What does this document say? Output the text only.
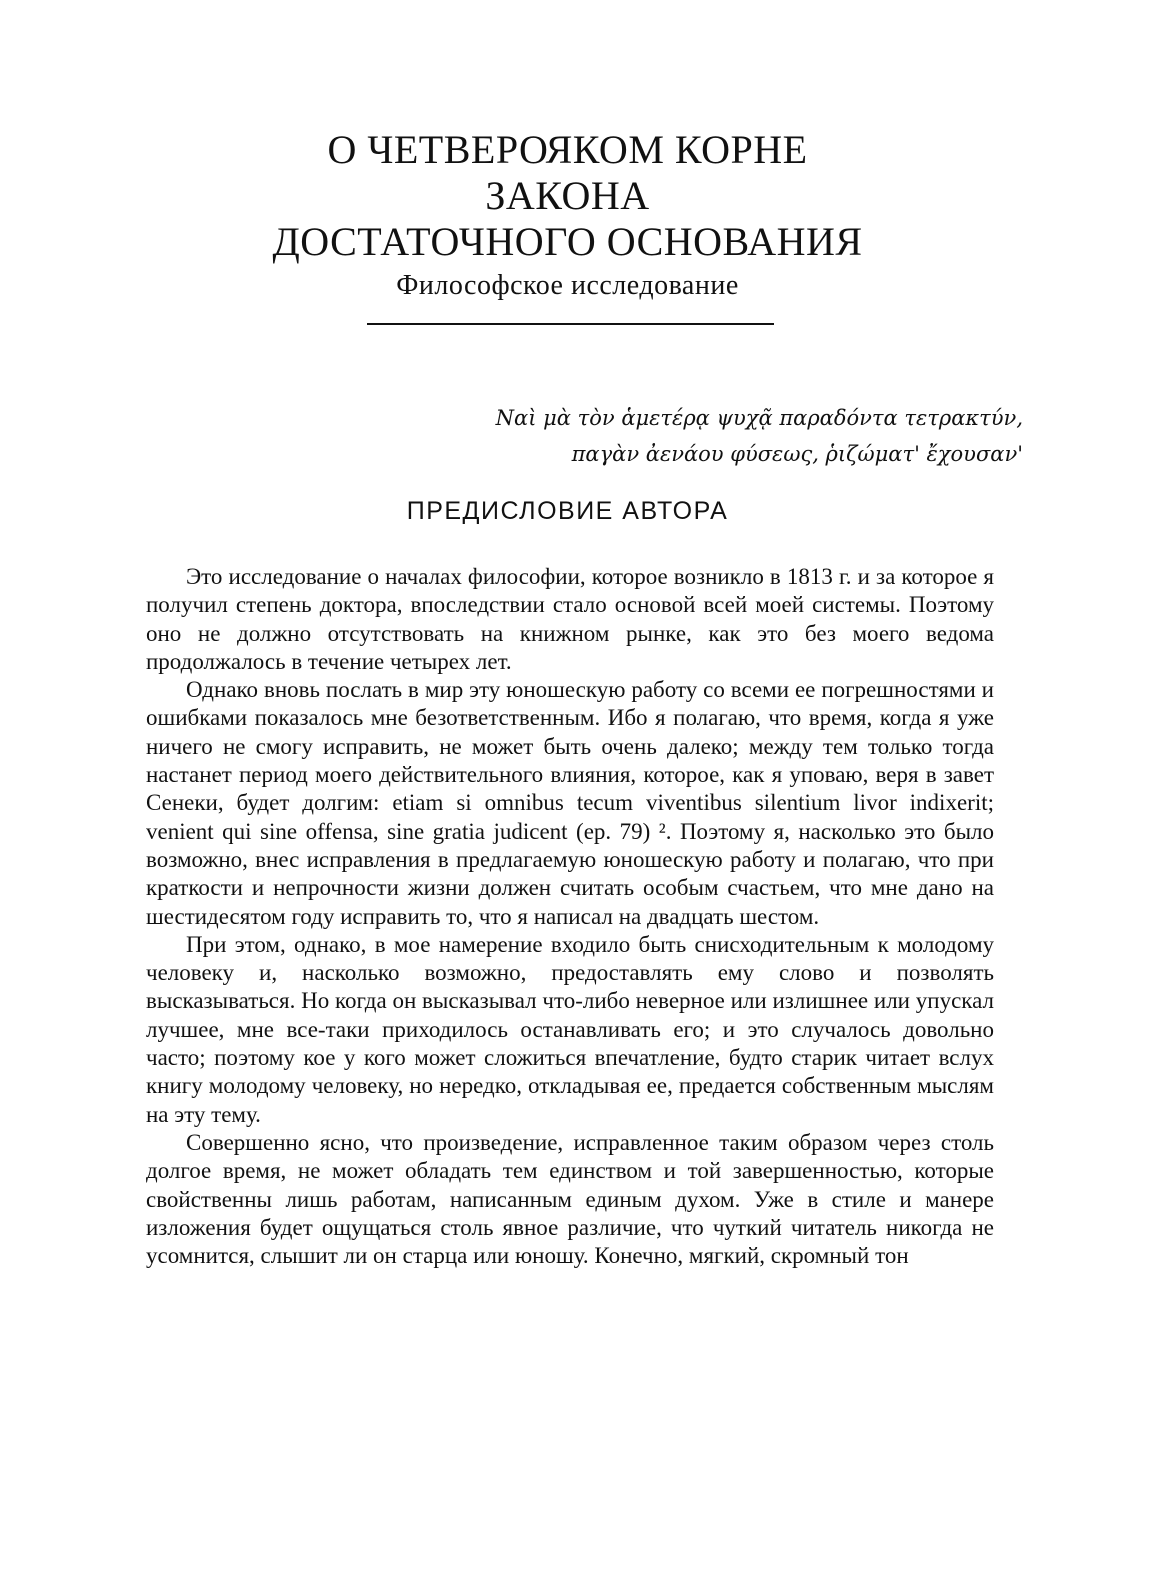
О ЧЕТВЕРОЯКОМ КОРНЕ
ЗАКОНА
ДОСТАТОЧНОГО ОСНОВАНИЯ
Философское исследование
Ναὶ μὰ τὸν ἁμετέρᾳ ψυχᾷ παραδόντα τετρακτύν,
παγὰν ἀενάου φύσεως, ῥιζώματ' ἔχουσαν'
ПРЕДИСЛОВИЕ АВТОРА

Это исследование о началах философии, которое возникло в 1813 г. и за которое я получил степень доктора, впоследствии стало основой всей моей системы. Поэтому оно не должно отсутствовать на книжном рынке, как это без моего ведома продолжалось в течение четырех лет.

Однако вновь послать в мир эту юношескую работу со всеми ее погрешностями и ошибками показалось мне безответственным. Ибо я полагаю, что время, когда я уже ничего не смогу исправить, не может быть очень далеко; между тем только тогда настанет период моего действительного влияния, которое, как я уповаю, веря в завет Сенеки, будет долгим: etiam si omnibus tecum viventibus silentium livor indixerit; venient qui sine offensa, sine gratia judicent (ep. 79) ². Поэтому я, насколько это было возможно, внес исправления в предлагаемую юношескую работу и полагаю, что при краткости и непрочности жизни должен считать особым счастьем, что мне дано на шестидесятом году исправить то, что я написал на двадцать шестом.

При этом, однако, в мое намерение входило быть снисходительным к молодому человеку и, насколько возможно, предоставлять ему слово и позволять высказываться. Но когда он высказывал что-либо неверное или излишнее или упускал лучшее, мне все-таки приходилось останавливать его; и это случалось довольно часто; поэтому кое у кого может сложиться впечатление, будто старик читает вслух книгу молодому человеку, но нередко, откладывая ее, предается собственным мыслям на эту тему.

Совершенно ясно, что произведение, исправленное таким образом через столь долгое время, не может обладать тем единством и той завершенностью, которые свойственны лишь работам, написанным единым духом. Уже в стиле и манере изложения будет ощущаться столь явное различие, что чуткий читатель никогда не усомнится, слышит ли он старца или юношу. Конечно, мягкий, скромный тон
